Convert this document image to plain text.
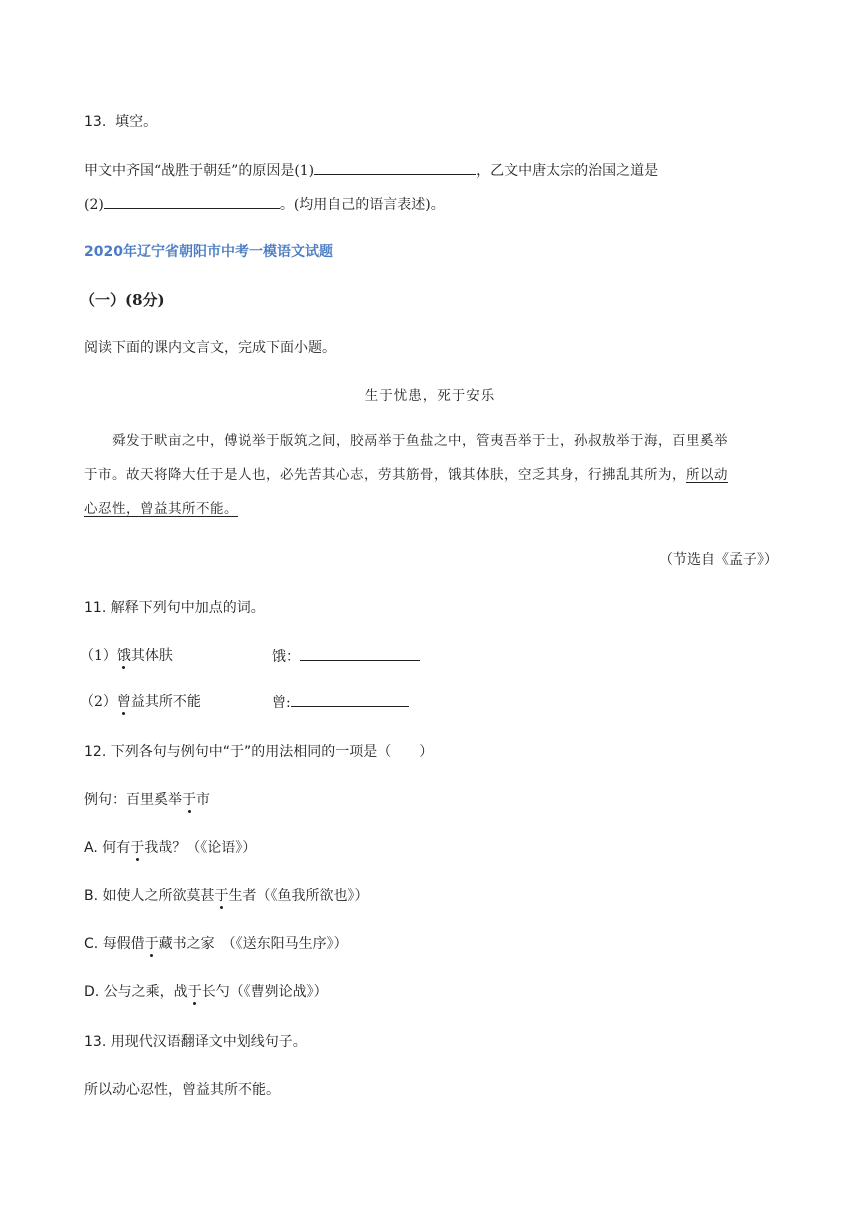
13. 填空。
甲文中齐国“战胜于朝廷”的原因是(1)	，乙文中唐太宗的治国之道是
(2)	。(均用自己的语言表述)。
2020年辽宁省朝阳市中考一模语文试题
（一）(8分)
阅读下面的课内文言文，完成下面小题。
生于忧患，死于安乐
舜发于畎亩之中，傅说举于版筑之间，胶鬲举于鱼盐之中，管夷吾举于士，孙叔敖举于海，百里奚举
于市。故天将降大任于是人也，必先苦其心志，劳其筋骨，饿其体肤，空乏其身，行拂乱其所为，所以动
心忍性，曾益其所不能。
（节选自《孟子》）
11. 解释下列句中加点的词。
（1）饿其体肤	饿：
（2）曾益其所不能	曾:
12. 下列各句与例句中“于”的用法相同的一项是（　　）
例句：百里奚举于市
A. 何有于我哉？（《论语》）
B. 如使人之所欲莫甚于生者（《鱼我所欲也》）
C. 每假借于藏书之家　（《送东阳马生序》）
D. 公与之乘，战于长勺（《曹刿论战》）
13. 用现代汉语翻译文中划线句子。
所以动心忍性，曾益其所不能。
